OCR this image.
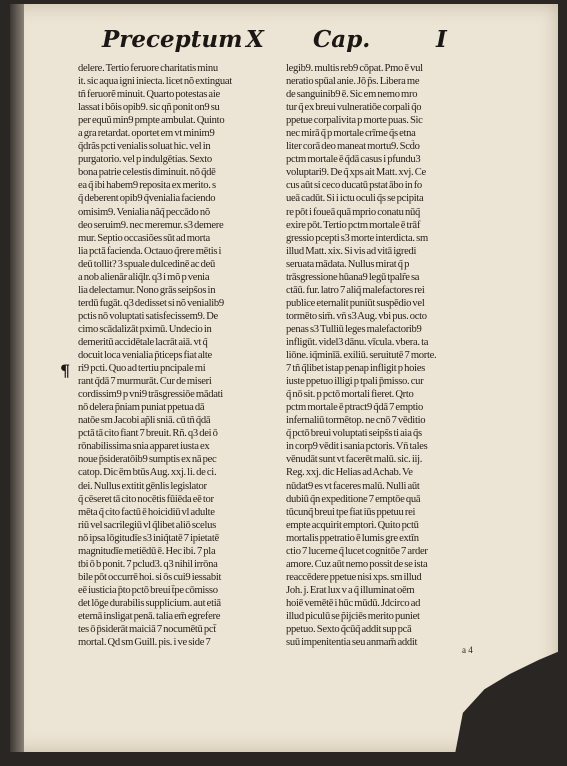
Preceptum X Cap.	I
delere. Tertio feruore charitatis minu
it. sic aqua igni iniecta. licet nõ extinguat
tñ feruorẽ minuit. Quarto potestas aie
lassat i bõis opib9. sic qñ ponit on9 su
per equũ min9 pmpte ambulat. Quinto
a gra retardat. oportet em vt minim9
q̃drãs pcti venialis soluat hic. vel in
purgatorio. vel p indulgētias. Sexto
bona patrie celestis diminuit. nõ q̃dē
ea q̃ ibi habem9 reposita ex merito. s
q̃ deberent opib9 q̃venialia faciendo
omisim9. Venialia nãq̃ peccādo nõ
deo seruim9. nec meremur. s3 demere
mur. Septio occasiões sūt ad morta
lia pctā facienda. Octauo q̃rere mētis i
deū tollit? 3 spuale dulcedinē ac deū
a nob alienār aliq̃lr. q3 i mõ p venia
lia delectamur. Nono grās seips̃os in
terdū fugāt. q3 dedisset si nõ venialib9
pctis nō voluptati satisfecissem9. De
cimo scādalizāt pximū. Undecio in
demeritū accidētale lacrāt aiā. vt q̃
docuit loca venialia p̃ticeps fiat alte
ri9 pcti. Quo ad tertiu pncipale mi
rant q̃dā 7 murmurāt. Cur de miseri
cordissim9 p vni9 trāsgressiōe mādati
nō delera p̃niam puniat ppetua dā
natōe sm Jacobi ap̃li sniā. cū tñ q̃dā
pctā tā cito fiant 7 breuit. Rñ. q3 dei ō
rōnabilissima snia apparet iusta ex
noue p̃sideratōib9 sumptis ex nā pec
catop. Dic ēm btūs Aug. xxj. li. de ci.
dei. Nullus extitit gēnlis legislator
q̃ cēseret tā cito nocētis fūiēda eē tor
mēta q̃ cito factū ē hoicidiū vl adulte
riū vel sacrilegiū vl q̃libet aliō scelus
nō ipsa lōgitudīe s3 iniq̃tatē 7 ipietatē
magnitudīe metiēdū ē. Hec ibi. 7 pla
tbi ō b ponit. 7 pclud3. q3 nihil irrōna
bile pōt occurrē hoi. si ōs cui9 iessabit
eē iusticia p̄to pctō breui t̄pe cōmisso
det lōge durabilis supplicium. aut etiā
eternā insligat penā. talia em̄ egrefere
tes ō p̄siderāt maiciā 7 nocumētū pct̄
mortal. Qd sm Guill. pis. i ve side 7
¶
legib9. multis reb9 cōpat. Pmo ē vul
neratio spūal anie. Jō p̃s. Libera me
de sanguinib9 ē. Sic em nemo mro
tur q̃ ex breui vulneratiōe corpali q̃o
ppetue corpalivita p morte puas. Sic
nec mirā q̃ p mortale crīme q̃s etna
liter corā deo maneat mortu9. Scd̃o
pctm mortale ē q̃dā casus i pfundu3
voluptari9. De q̃ xps ait Matt. xvj. Ce
cus aūt si ceco ducatū pstat ābo in fo
ueā cadūt. Si i ictu oculi q̃s se pcipita
re pōt i foueā quā mprio conatu nūq̃
exire pōt. Tertio pctm mortale ē trāf
gressio pcepti s3 morte interdicta. sm
illud Matt. xix. Si vis ad vitā igredi
seruata mādata. Nullus mirat q̃ p
trāsgressione hūana9 legū tpalr̃e sa
ctāū. fur. latro 7 aliq̃ malefactores rei
publice eternalit puniūt suspēdio vel
tormēto sim̄. vn̄ s3 Aug. vbi pus. octo
penas s3 Tulliū leges malefactorib9
infligūt. videl3 dānu. vīcula. vbera. ta
liōne. iq̃minīā. exiliū. seruitutē 7 morte.
7 tñ q̃libet istap penap infligit p hoies
iuste ppetuo illigi p tpali p̄misso. cur
q̃ nō sit. p pctō mortali fieret. Qrto
pctm mortale ē ptract9 q̃dā 7 emptio
infernaliū tormētop. ne cnō 7 vēditio
q̃ pctō breui voluptati seips̃s ti aia q̃s
in corp9 vēdit i sania pctoris. Vn̄ tales
vēnudāt sunt vt facerēt malū. sic. iij.
Reg. xxj. dic Helias ad Achab. Ve
nūdat9 es vt faceres malū. Nulli aūt
dubiū q̃n expeditione 7 emptōe quā
tūcunq̃ breui tpe fiat iūs ppetuu rei
empte acquirit emptori. Quito pctū
mortalis ppetratio ē lumis gre extīn
ctio 7 lucerne q̃ lucet cognitōe 7 arder
amore. Cuz aūt nemo possit de se ista
reaccēdere ppetue nisi xps. sm illud
Joh. j. Erat lux v a q̃ illuminat oēm
hoiē vemētē i hūc mūdū. Jdcirco ad
illud piculū se p̃ijciēs merito puniet
ppetuo. Sexto q̃cūq̃ addit sup pcā
suū impenitentia seu anmam̄ addit
a 4
